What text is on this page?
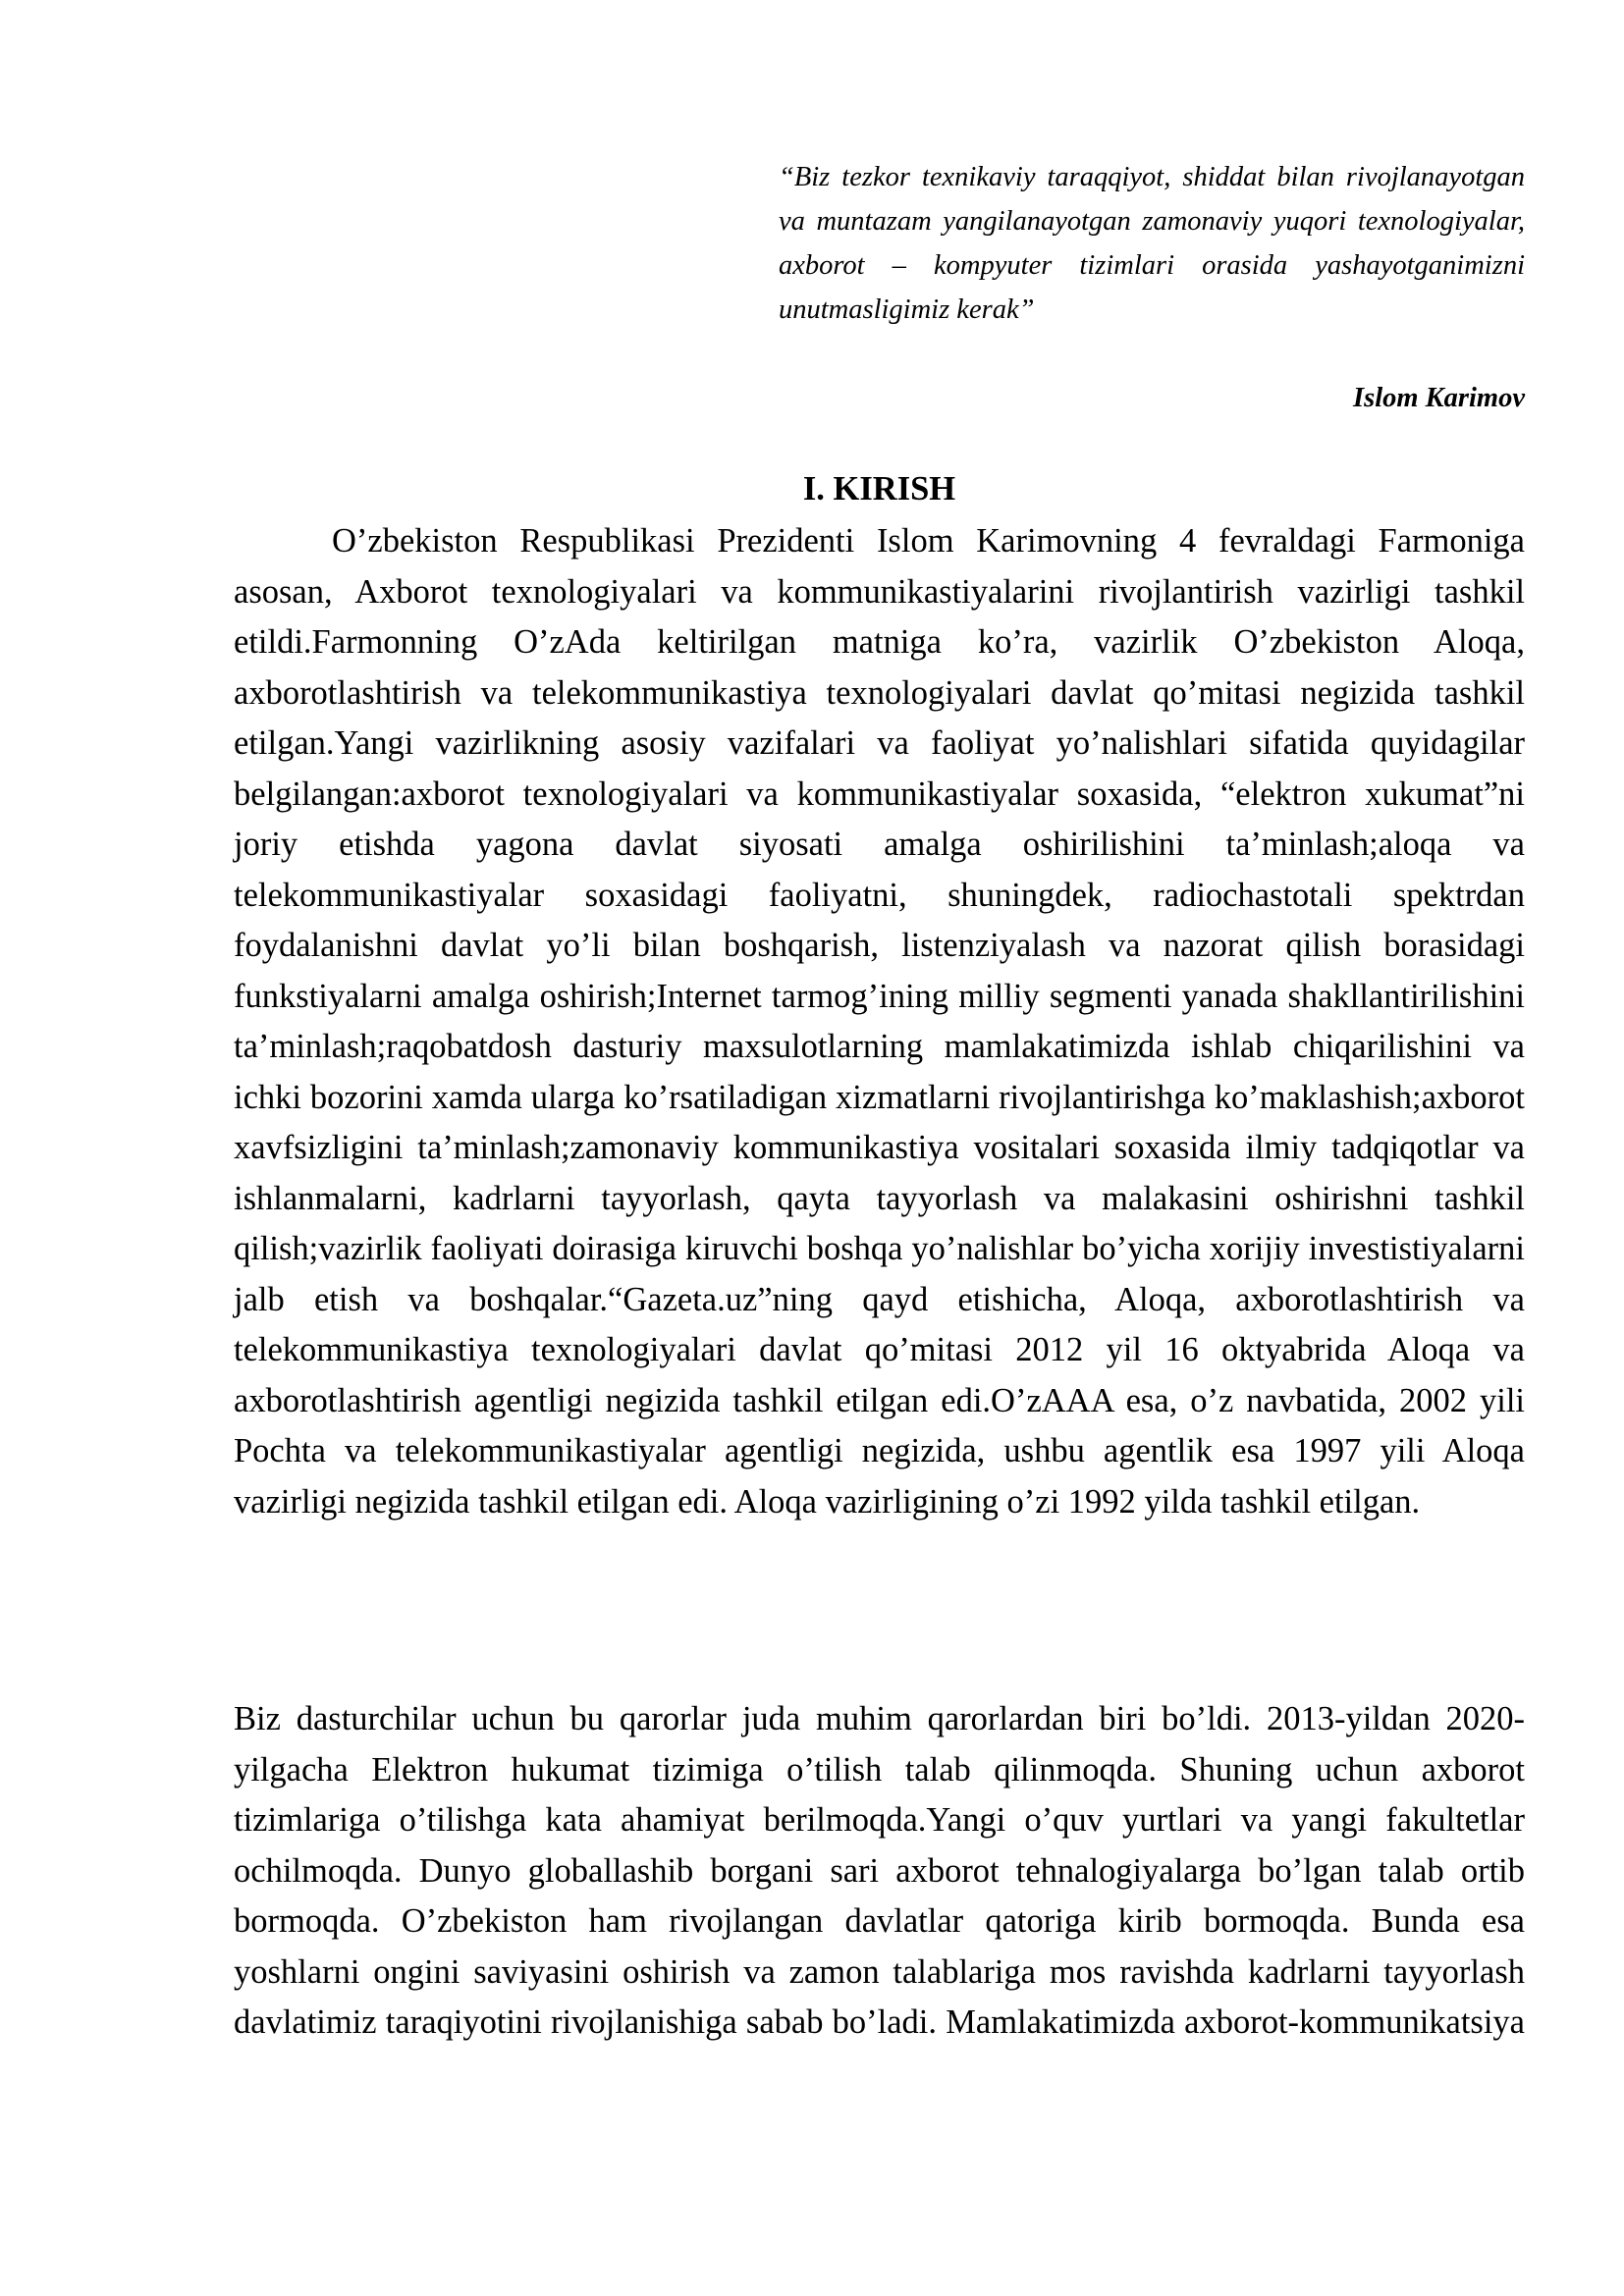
“Biz tezkor texnikaviy taraqqiyot, shiddat bilan rivojlanayotgan va muntazam yangilanayotgan zamonaviy yuqori texnologiyalar, axborot – kompyuter tizimlari orasida yashayotganimizni unutmasligimiz kerak”

Islom Karimov

I. KIRISH

O’zbekiston Respublikasi Prezidenti Islom Karimovning 4 fevraldagi Farmoniga asosan, Axborot texnologiyalari va kommunikastiyalarini rivojlantirish vazirligi tashkil etildi.Farmonning O’zAda keltirilgan matniga ko’ra, vazirlik O’zbekiston Aloqa, axborotlashtirish va telekommunikastiya texnologiyalari davlat qo’mitasi negizida tashkil etilgan.Yangi vazirlikning asosiy vazifalari va faoliyat yo’nalishlari sifatida quyidagilar belgilangan:axborot texnologiyalari va kommunikastiyalar soxasida, “elektron xukumat”ni joriy etishda yagona davlat siyosati amalga oshirilishini ta’minlash;aloqa va telekommunikastiyalar soxasidagi faoliyatni, shuningdek, radiochastotali spektrdan foydalanishni davlat yo’li bilan boshqarish, listenziyalash va nazorat qilish borasidagi funkstiyalarni amalga oshirish;Internet tarmog’ining milliy segmenti yanada shakllantirilishini ta’minlash;raqobatdosh dasturiy maxsulotlarning mamlakatimizda ishlab chiqarilishini va ichki bozorini xamda ularga ko’rsatiladigan xizmatlarni rivojlantirishga ko’maklashish;axborot xavfsizligini ta’minlash;zamonaviy kommunikastiya vositalari soxasida ilmiy tadqiqotlar va ishlanmalarni, kadrlarni tayyorlash, qayta tayyorlash va malakasini oshirishni tashkil qilish;vazirlik faoliyati doirasiga kiruvchi boshqa yo’nalishlar bo’yicha xorijiy investistiyalarni jalb etish va boshqalar.“Gazeta.uz”ning qayd etishicha, Aloqa, axborotlashtirish va telekommunikastiya texnologiyalari davlat qo’mitasi 2012 yil 16 oktyabrida Aloqa va axborotlashtirish agentligi negizida tashkil etilgan edi.O’zAAA esa, o’z navbatida, 2002 yili Pochta va telekommunikastiyalar agentligi negizida, ushbu agentlik esa 1997 yili Aloqa vazirligi negizida tashkil etilgan edi. Aloqa vazirligining o’zi 1992 yilda tashkil etilgan.

Biz dasturchilar uchun bu qarorlar juda muhim qarorlardan biri bo’ldi. 2013-yildan 2020-yilgacha Elektron hukumat tizimiga o’tilish talab qilinmoqda. Shuning uchun axborot tizimlariga o’tilishga kata ahamiyat berilmoqda.Yangi o’quv yurtlari va yangi fakultetlar ochilmoqda. Dunyo globallashib borgani sari axborot tehnalogiyalarga bo’lgan talab ortib bormoqda. O’zbekiston ham rivojlangan davlatlar qatoriga kirib bormoqda. Bunda esa yoshlarni ongini saviyasini oshirish va zamon talablariga mos ravishda kadrlarni tayyorlash davlatimiz taraqiyotini rivojlanishiga sabab bo’ladi. Mamlakatimizda axborot-kommunikatsiya
